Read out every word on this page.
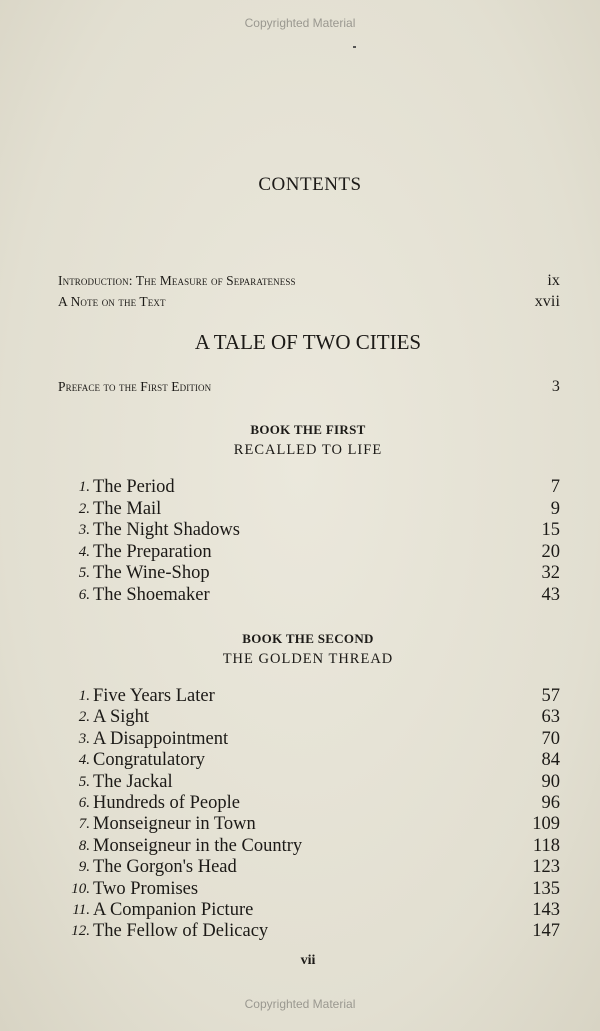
Copyrighted Material
CONTENTS
Introduction: The Measure of Separateness	ix
A Note on the Text	xvii
A TALE OF TWO CITIES
Preface to the First Edition	3
BOOK THE FIRST
RECALLED TO LIFE
1. The Period	7
2. The Mail	9
3. The Night Shadows	15
4. The Preparation	20
5. The Wine-Shop	32
6. The Shoemaker	43
BOOK THE SECOND
THE GOLDEN THREAD
1. Five Years Later	57
2. A Sight	63
3. A Disappointment	70
4. Congratulatory	84
5. The Jackal	90
6. Hundreds of People	96
7. Monseigneur in Town	109
8. Monseigneur in the Country	118
9. The Gorgon's Head	123
10. Two Promises	135
11. A Companion Picture	143
12. The Fellow of Delicacy	147
vii
Copyrighted Material
